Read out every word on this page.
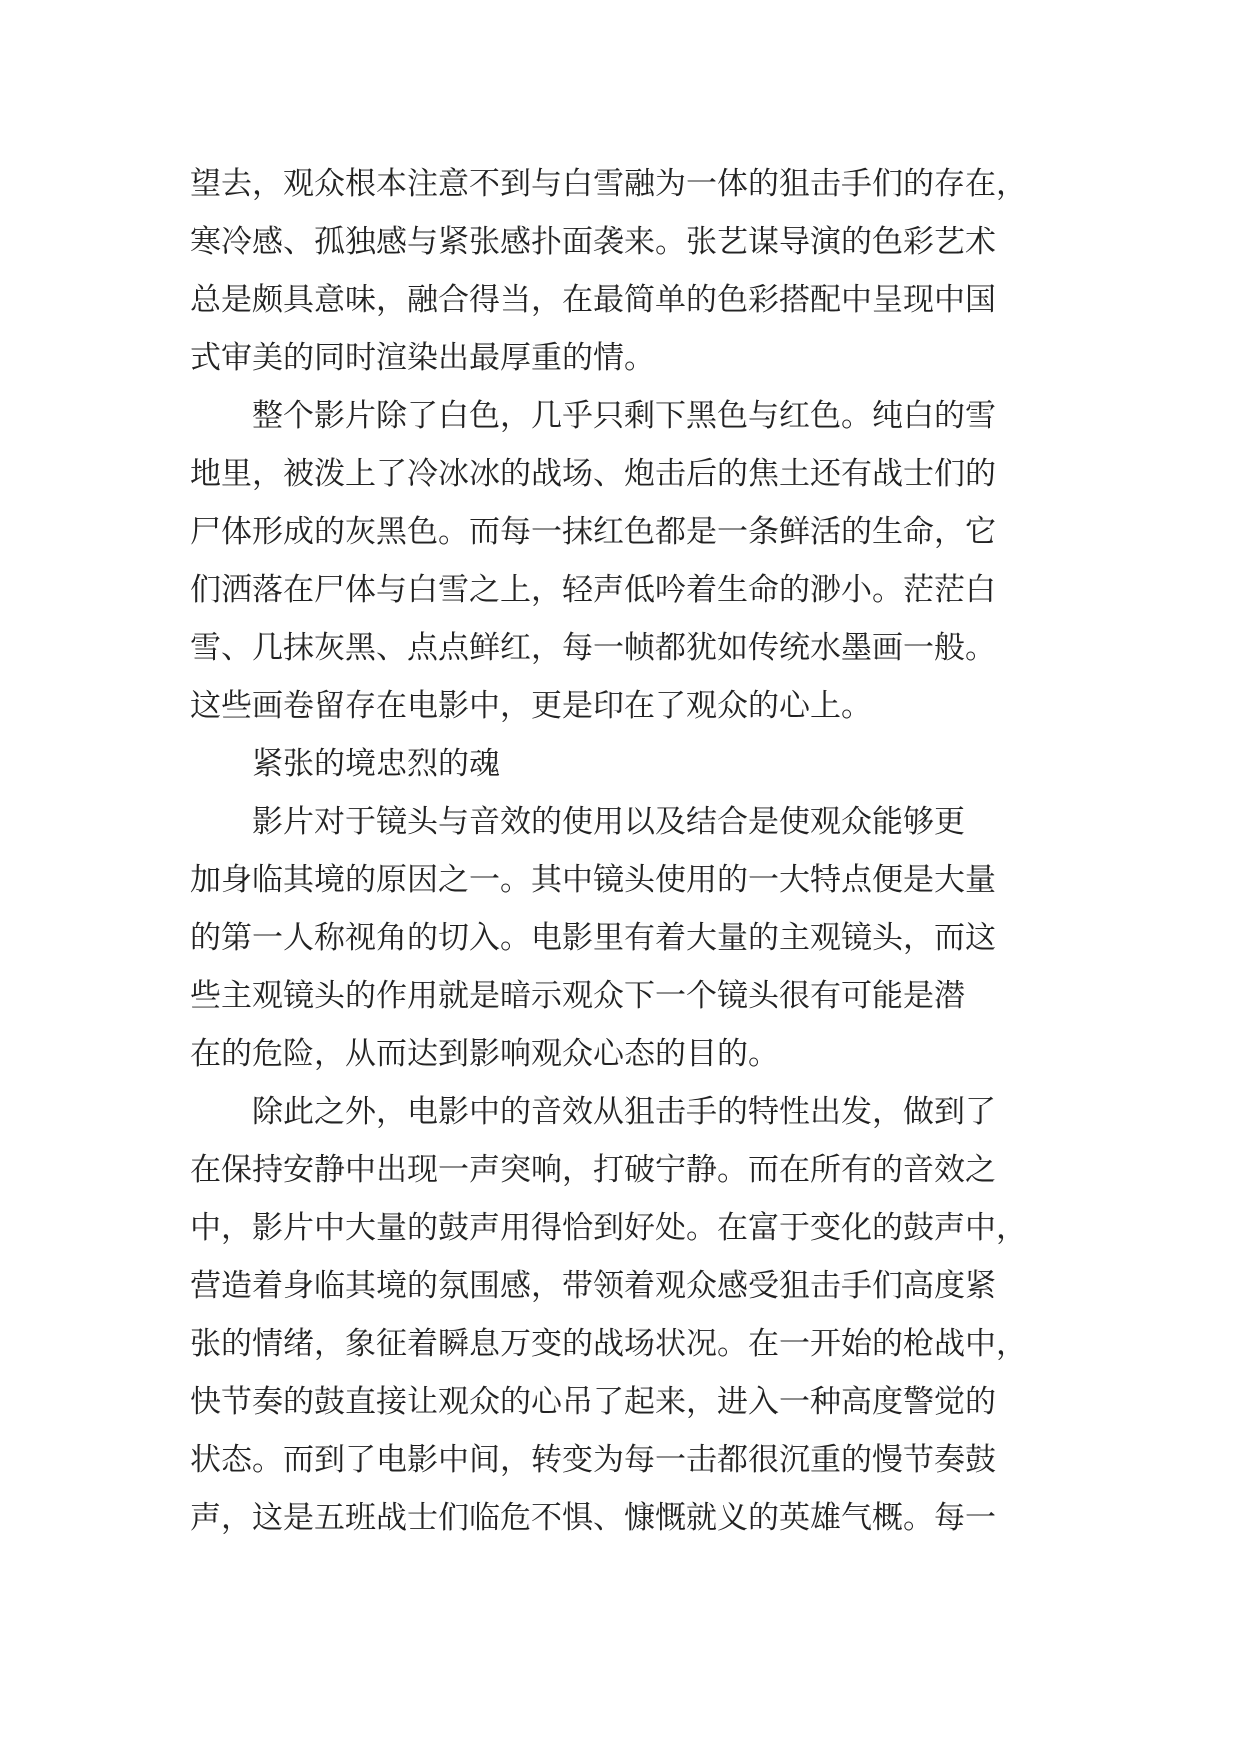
望去，观众根本注意不到与白雪融为一体的狙击手们的存在，
寒冷感、孤独感与紧张感扑面袭来。张艺谋导演的色彩艺术
总是颇具意味，融合得当，在最简单的色彩搭配中呈现中国
式审美的同时渲染出最厚重的情。
整个影片除了白色，几乎只剩下黑色与红色。纯白的雪
地里，被泼上了冷冰冰的战场、炮击后的焦土还有战士们的
尸体形成的灰黑色。而每一抹红色都是一条鲜活的生命，它
们洒落在尸体与白雪之上，轻声低吟着生命的渺小。茫茫白
雪、几抹灰黑、点点鲜红，每一帧都犹如传统水墨画一般。
这些画卷留存在电影中，更是印在了观众的心上。
紧张的境忠烈的魂
影片对于镜头与音效的使用以及结合是使观众能够更
加身临其境的原因之一。其中镜头使用的一大特点便是大量
的第一人称视角的切入。电影里有着大量的主观镜头，而这
些主观镜头的作用就是暗示观众下一个镜头很有可能是潜
在的危险，从而达到影响观众心态的目的。
除此之外，电影中的音效从狙击手的特性出发，做到了
在保持安静中出现一声突响，打破宁静。而在所有的音效之
中，影片中大量的鼓声用得恰到好处。在富于变化的鼓声中，
营造着身临其境的氛围感，带领着观众感受狙击手们高度紧
张的情绪，象征着瞬息万变的战场状况。在一开始的枪战中，
快节奏的鼓直接让观众的心吊了起来，进入一种高度警觉的
状态。而到了电影中间，转变为每一击都很沉重的慢节奏鼓
声，这是五班战士们临危不惧、慷慨就义的英雄气概。每一
